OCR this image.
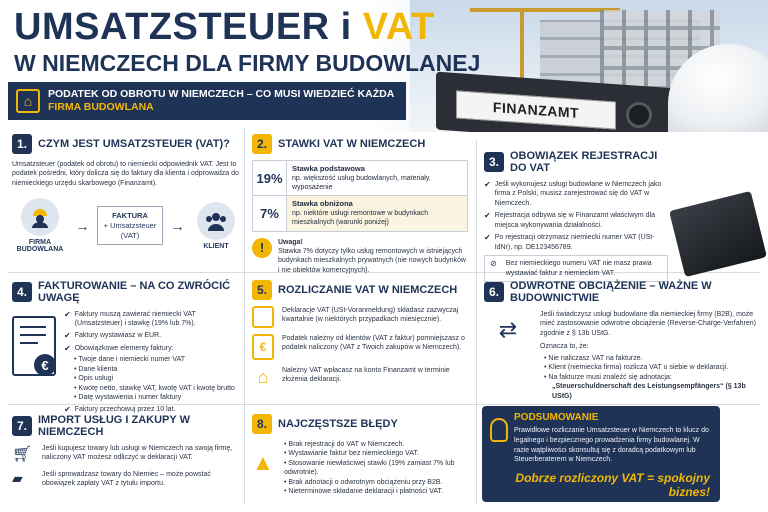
FINANZAMT
UMSATZSTEUER i VAT
W NIEMCZECH DLA FIRMY BUDOWLANEJ
⌂	PODATEK OD OBROTU W NIEMCZECH – CO MUSI WIEDZIEĆ KAŻDA
FIRMA BUDOWLANA
1.	CZYM JEST UMSATZSTEUER (VAT)?
Umsatzsteuer (podatek od obrotu) to niemiecki odpowiednik VAT. Jest to podatek pośredni, który dolicza się do faktury dla klienta i odprowadza do niemieckiego urzędu skarbowego (Finanzamt).
FIRMA BUDOWLANA
→
FAKTURA
+ Umsatzsteuer
(VAT)
→
KLIENT
2.	STAWKI VAT W NIEMCZECH
19%
Stawka podstawowa
np. większość usług budowlanych, materiały, wyposażenie
7%
Stawka obniżona
np. niektóre usługi remontowe w budynkach mieszkalnych (warunki poniżej)
!	Uwaga!
Stawka 7% dotyczy tylko usług remontowych w istniejących budynkach mieszkalnych prywatnych (nie nowych budynków i nie obiektów komercyjnych).
3.	OBOWIĄZEK REJESTRACJI DO VAT
✔ Jeśli wykonujesz usługi budowlane w Niemczech jako firma z Polski, musisz zarejestrować się do VAT w Niemczech.
✔ Rejestracja odbywa się w Finanzamt właściwym dla miejsca wykonywania działalności.
✔ Po rejestracji otrzymasz niemiecki numer VAT (USt-IdNr), np. DE123456789.
⊘ Bez niemieckiego numeru VAT nie masz prawa wystawiać faktur z niemieckim VAT.
4.	FAKTUROWANIE – NA CO ZWRÓCIĆ UWAGĘ
€
✔ Faktury muszą zawierać niemiecki VAT (Umsatzsteuer) i stawkę (19% lub 7%).
✔ Faktury wystawiasz w EUR.
✔ Obowiązkowe elementy faktury:
• Twoje dane i niemiecki numer VAT
• Dane klienta
• Opis usługi
• Kwotę netto, stawkę VAT, kwotę VAT i kwotę brutto
• Datę wystawienia i numer faktury
✔ Faktury przechowuj przez 10 lat.
5.	ROZLICZANIE VAT W NIEMCZECH
Deklaracje VAT (USt-Voranmeldung) składasz zazwyczaj kwartalnie (w niektórych przypadkach miesięcznie).
€
Podatek należny od klientów (VAT z faktur) pomniejszasz o podatek naliczony (VAT z Twoich zakupów w Niemczech).
⌂	Należny VAT wpłacasz na konto Finanzamt w terminie złożenia deklaracji.
6.	ODWROTNE OBCIĄŻENIE – WAŻNE W BUDOWNICTWIE
⇄
Jeśli świadczysz usługi budowlane dla niemieckiej firmy (B2B), może mieć zastosowanie odwrotne obciążenie (Reverse-Charge-Verfahren) zgodnie z § 13b UStG.
Oznacza to, że:
• Nie naliczasz VAT na fakturze.
• Klient (niemiecka firma) rozlicza VAT u siebie w deklaracji.
• Na fakturze musi znaleźć się adnotacja:
„Steuerschuldnerschaft des Leistungsempfängers“ (§ 13b UStG)
7.	IMPORT USŁUG I ZAKUPY W NIEMCZECH
🛒︎ Jeśli kupujesz towary lub usługi w Niemczech na swoją firmę, naliczony VAT możesz odliczyć w deklaracji VAT.
▰	Jeśli sprowadzasz towary do Niemiec – może powstać obowiązek zapłaty VAT z tytułu importu.
8.	NAJCZĘSTSZE BŁĘDY
▲
• Brak rejestracji do VAT w Niemczech.
• Wystawianie faktur bez niemieckiego VAT.
• Stosowanie niewłaściwej stawki (19% zamiast 7% lub odwrotnie).
• Brak adnotacji o odwrotnym obciążeniu przy B2B.
• Nieterminowe składanie deklaracji i płatności VAT.
PODSUMOWANIE
Prawidłowe rozliczanie Umsatzsteuer w Niemczech to klucz do legalnego i bezpiecznego prowadzenia firmy budowlanej. W razie wątpliwości skonsultuj się z doradcą podatkowym lub Steuerberaterem w Niemczech.
Dobrze rozliczony VAT = spokojny biznes!
